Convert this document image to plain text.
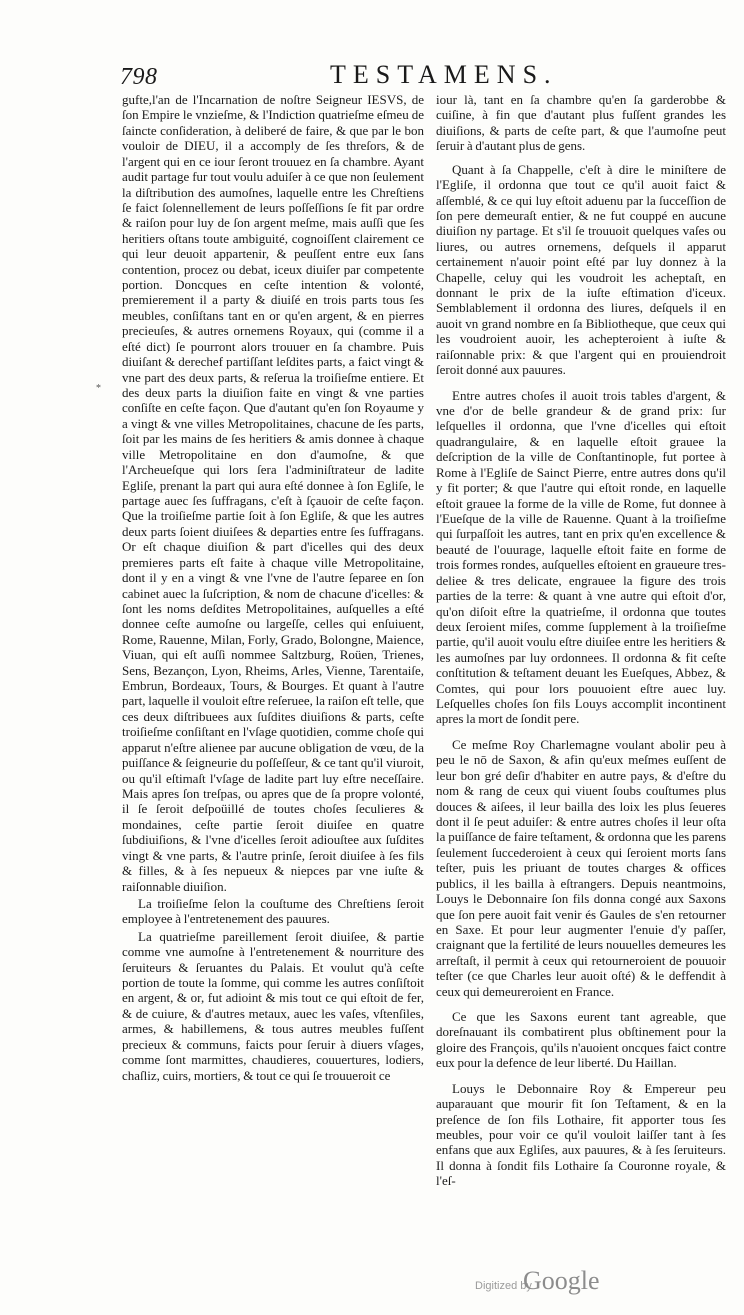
798	TESTAMENS.
*

gufte,l'an de l'Incarnation de noſtre Seigneur IESVS, de ſon Empire le vnzieſme, & l'Indiction quatrieſme eſmeu de ſaincte conſideration, à deliberé de faire, & que par le bon vouloir de DIEU, il a accomply de ſes threſors, & de l'argent qui en ce iour ſeront trouuez en ſa chambre. Ayant audit partage fur tout voulu aduiſer à ce que non ſeulement la diſtribution des aumoſnes, laquelle entre les Chreſtiens ſe faict ſolennellement de leurs poſſeſſions ſe fit par ordre & raiſon pour luy de ſon argent meſme, mais auſſi que ſes heritiers oſtans toute ambiguité, cognoiſſent clairement ce qui leur deuoit appartenir, & peuſſent entre eux ſans contention, procez ou debat, iceux diuiſer par competente portion. Doncques en ceſte intention & volonté, premierement il a party & diuiſé en trois parts tous ſes meubles, conſiſtans tant en or qu'en argent, & en pierres precieuſes, & autres ornemens Royaux, qui (comme il a eſté dict) ſe pourront alors trouuer en ſa chambre. Puis diuiſant & derechef partiſſant leſdites parts, a faict vingt & vne part des deux parts, & reſerua la troiſieſme entiere. Et des deux parts la diuiſion faite en vingt & vne parties conſiſte en ceſte façon. Que d'autant qu'en ſon Royaume y a vingt & vne villes Metropolitaines, chacune de ſes parts, ſoit par les mains de ſes heritiers & amis donnee à chaque ville Metropolitaine en don d'aumoſne, & que l'Archeueſque qui lors ſera l'adminiſtrateur de ladite Egliſe, prenant la part qui aura eſté donnee à ſon Egliſe, le partage auec ſes ſuffragans, c'eſt à ſçauoir de ceſte façon. Que la troiſieſme partie ſoit à ſon Egliſe, & que les autres deux parts ſoient diuiſees & departies entre ſes ſuffragans. Or eſt chaque diuiſion & part d'icelles qui des deux premieres parts eſt faite à chaque ville Metropolitaine, dont il y en a vingt & vne l'vne de l'autre ſeparee en ſon cabinet auec la ſuſcription, & nom de chacune d'icelles: & ſont les noms deſdites Metropolitaines, auſquelles a eſté donnee ceſte aumoſne ou largeſſe, celles qui enſuiuent, Rome, Rauenne, Milan, Forly, Grado, Bolongne, Maience, Viuan, qui eſt auſſi nommee Saltzburg, Roüen, Trienes, Sens, Bezançon, Lyon, Rheims, Arles, Vienne, Tarentaiſe, Embrun, Bordeaux, Tours, & Bourges. Et quant à l'autre part, laquelle il vouloit eſtre reſeruee, la raiſon eſt telle, que ces deux diſtribuees aux ſuſdites diuiſions & parts, ceſte troiſieſme conſiſtant en l'vſage quotidien, comme choſe qui apparut n'eſtre alienee par aucune obligation de vœu, de la puiſſance & ſeigneurie du poſſeſſeur, & ce tant qu'il viuroit, ou qu'il eſtimaſt l'vſage de ladite part luy eſtre neceſſaire. Mais apres ſon treſpas, ou apres que de ſa propre volonté, il ſe ſeroit deſpoüillé de toutes choſes ſeculieres & mondaines, ceſte partie ſeroit diuiſee en quatre ſubdiuiſions, & l'vne d'icelles ſeroit adiouſtee aux ſuſdites vingt & vne parts, & l'autre prinſe, ſeroit diuiſee à ſes fils & filles, & à ſes nepueux & niepces par vne iuſte & raiſonnable diuiſion.

La troiſieſme ſelon la couſtume des Chreſtiens ſeroit employee à l'entretenement des pauures.

La quatrieſme pareillement ſeroit diuiſee, & partie comme vne aumoſne à l'entretenement & nourriture des ſeruiteurs & ſeruantes du Palais. Et voulut qu'à ceſte portion de toute la ſomme, qui comme les autres conſiſtoit en argent, & or, fut adioint & mis tout ce qui eſtoit de fer, & de cuiure, & d'autres metaux, auec les vaſes, vſtenſiles, armes, & habillemens, & tous autres meubles fuſſent precieux & communs, faicts pour ſeruir à diuers vſages, comme ſont marmittes, chaudieres, couuertures, lodiers, chaſliz, cuirs, mortiers, & tout ce qui ſe trouueroit ce

iour là, tant en ſa chambre qu'en ſa garderobbe & cuiſine, à fin que d'autant plus fuſſent grandes les diuiſions, & parts de ceſte part, & que l'aumoſne peut ſeruir à d'autant plus de gens.

Quant à ſa Chappelle, c'eſt à dire le miniſtere de l'Egliſe, il ordonna que tout ce qu'il auoit faict & aſſemblé, & ce qui luy eſtoit aduenu par la ſucceſſion de ſon pere demeuraſt entier, & ne fut couppé en aucune diuiſion ny partage. Et s'il ſe trouuoit quelques vaſes ou liures, ou autres ornemens, deſquels il apparut certainement n'auoir point eſté par luy donnez à la Chapelle, celuy qui les voudroit les acheptaſt, en donnant le prix de la iuſte eſtimation d'iceux. Semblablement il ordonna des liures, deſquels il en auoit vn grand nombre en ſa Bibliotheque, que ceux qui les voudroient auoir, les achepteroient à iuſte & raiſonnable prix: & que l'argent qui en prouiendroit ſeroit donné aux pauures.

Entre autres choſes il auoit trois tables d'argent, & vne d'or de belle grandeur & de grand prix: ſur leſquelles il ordonna, que l'vne d'icelles qui eſtoit quadrangulaire, & en laquelle eſtoit grauee la deſcription de la ville de Conſtantinople, fut portee à Rome à l'Egliſe de Sainct Pierre, entre autres dons qu'il y fit porter; & que l'autre qui eſtoit ronde, en laquelle eſtoit grauee la forme de la ville de Rome, fut donnee à l'Eueſque de la ville de Rauenne. Quant à la troiſieſme qui ſurpaſſoit les autres, tant en prix qu'en excellence & beauté de l'ouurage, laquelle eſtoit faite en forme de trois formes rondes, auſquelles eſtoient en graueure tres-deliee & tres delicate, engrauee la figure des trois parties de la terre: & quant à vne autre qui eſtoit d'or, qu'on diſoit eſtre la quatrieſme, il ordonna que toutes deux ſeroient miſes, comme ſupplement à la troiſieſme partie, qu'il auoit voulu eſtre diuiſee entre les heritiers & les aumoſnes par luy ordonnees. Il ordonna & fit ceſte conſtitution & teſtament deuant les Eueſques, Abbez, & Comtes, qui pour lors pouuoient eſtre auec luy. Leſquelles choſes ſon fils Louys accomplit incontinent apres la mort de ſondit pere.

Ce meſme Roy Charlemagne voulant abolir peu à peu le nō de Saxon, & afin qu'eux meſmes euſſent de leur bon gré deſir d'habiter en autre pays, & d'eſtre du nom & rang de ceux qui viuent ſoubs couſtumes plus douces & aiſees, il leur bailla des loix les plus ſeueres dont il ſe peut aduiſer: & entre autres choſes il leur oſta la puiſſance de faire teſtament, & ordonna que les parens ſeulement ſuccederoient à ceux qui ſeroient morts ſans teſter, puis les priuant de toutes charges & offices publics, il les bailla à eſtrangers. Depuis neantmoins, Louys le Debonnaire ſon fils donna congé aux Saxons que ſon pere auoit fait venir és Gaules de s'en retourner en Saxe. Et pour leur augmenter l'enuie d'y paſſer, craignant que la fertilité de leurs nouuelles demeures les arreſtaſt, il permit à ceux qui retourneroient de pouuoir teſter (ce que Charles leur auoit oſté) & le deffendit à ceux qui demeureroient en France.

Ce que les Saxons eurent tant agreable, que doreſnauant ils combatirent plus obſtinement pour la gloire des François, qu'ils n'auoient oncques faict contre eux pour la defence de leur liberté. Du Haillan.

Louys le Debonnaire Roy & Empereur peu auparauant que mourir fit ſon Teſtament, & en la preſence de ſon fils Lothaire, fit apporter tous ſes meubles, pour voir ce qu'il vouloit laiſſer tant à ſes enfans que aux Egliſes, aux pauures, & à ſes ſeruiteurs. Il donna à ſondit fils Lothaire ſa Couronne royale, & l'eſ-

Digitized by
Google
